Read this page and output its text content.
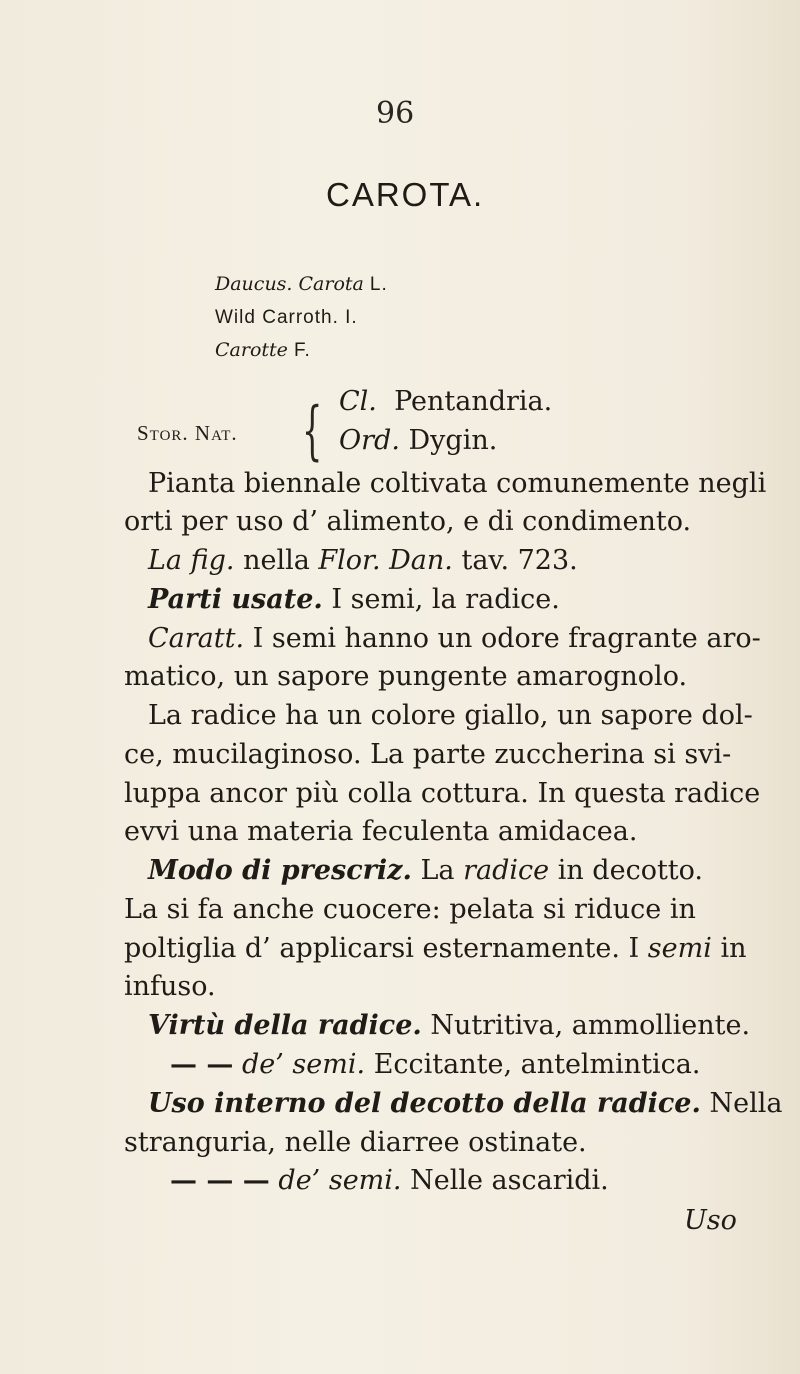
96
CAROTA.
Daucus. Carota L.
Wild Carroth. I.
Carotte F.
Stor. Nat. { Cl. Pentandria.
Ord. Dygin.
Pianta biennale coltivata comunemente negli
orti per uso d’ alimento, e di condimento.
La fig. nella Flor. Dan. tav. 723.
Parti usate. I semi, la radice.
Caratt. I semi hanno un odore fragrante aro-
matico, un sapore pungente amarognolo.
La radice ha un colore giallo, un sapore dol-
ce, mucilaginoso. La parte zuccherina si svi-
luppa ancor più colla cottura. In questa radice
evvi una materia feculenta amidacea.
Modo di prescriz. La radice in decotto.
La si fa anche cuocere: pelata si riduce in
poltiglia d’ applicarsi esternamente. I semi in
infuso.
Virtù della radice. Nutritiva, ammolliente.
— — de’ semi. Eccitante, antelmintica.
Uso interno del decotto della radice. Nella
stranguria, nelle diarree ostinate.
— — — de’ semi. Nelle ascaridi.
Uso
